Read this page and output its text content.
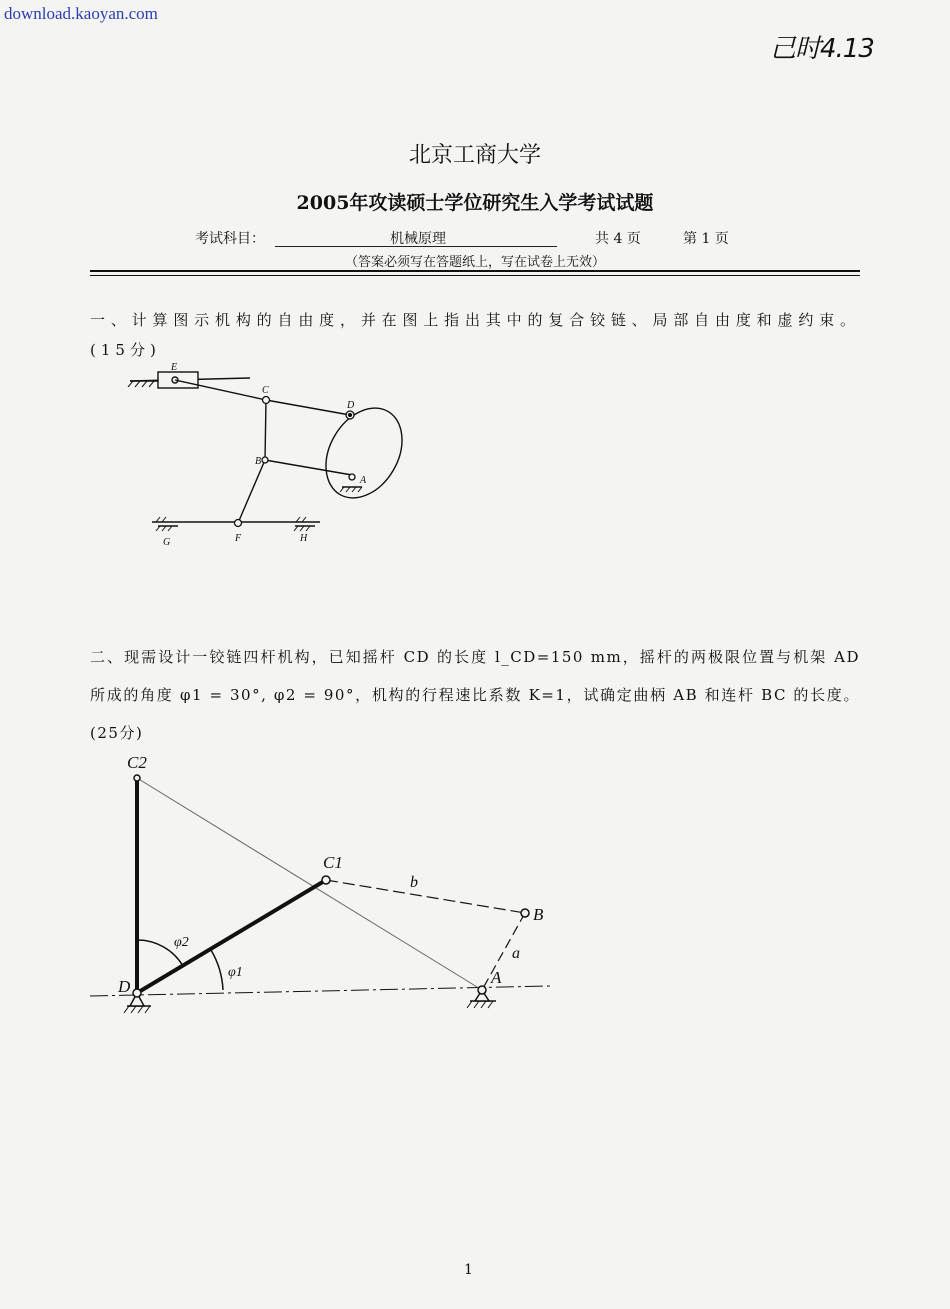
download.kaoyan.com
己时4.13
北京工商大学
2005年攻读硕士学位研究生入学考试试题
考试科目：	机械原理	共 4 页	第 1 页
（答案必须写在答题纸上，写在试卷上无效）
一、计算图示机构的自由度，并在图上指出其中的复合铰链、局部自由度和虚约束。(15分)
二、现需设计一铰链四杆机构，已知摇杆 CD 的长度 l_CD=150 mm，摇杆的两极限位置与机架 AD 所成的角度 φ1 = 30°, φ2 = 90°，机构的行程速比系数 K=1，试确定曲柄 AB 和连杆 BC 的长度。(25分)
E
C
D
B
A
G	F	H
C2
C1
b
B
a
A
D
φ2
φ1
1
